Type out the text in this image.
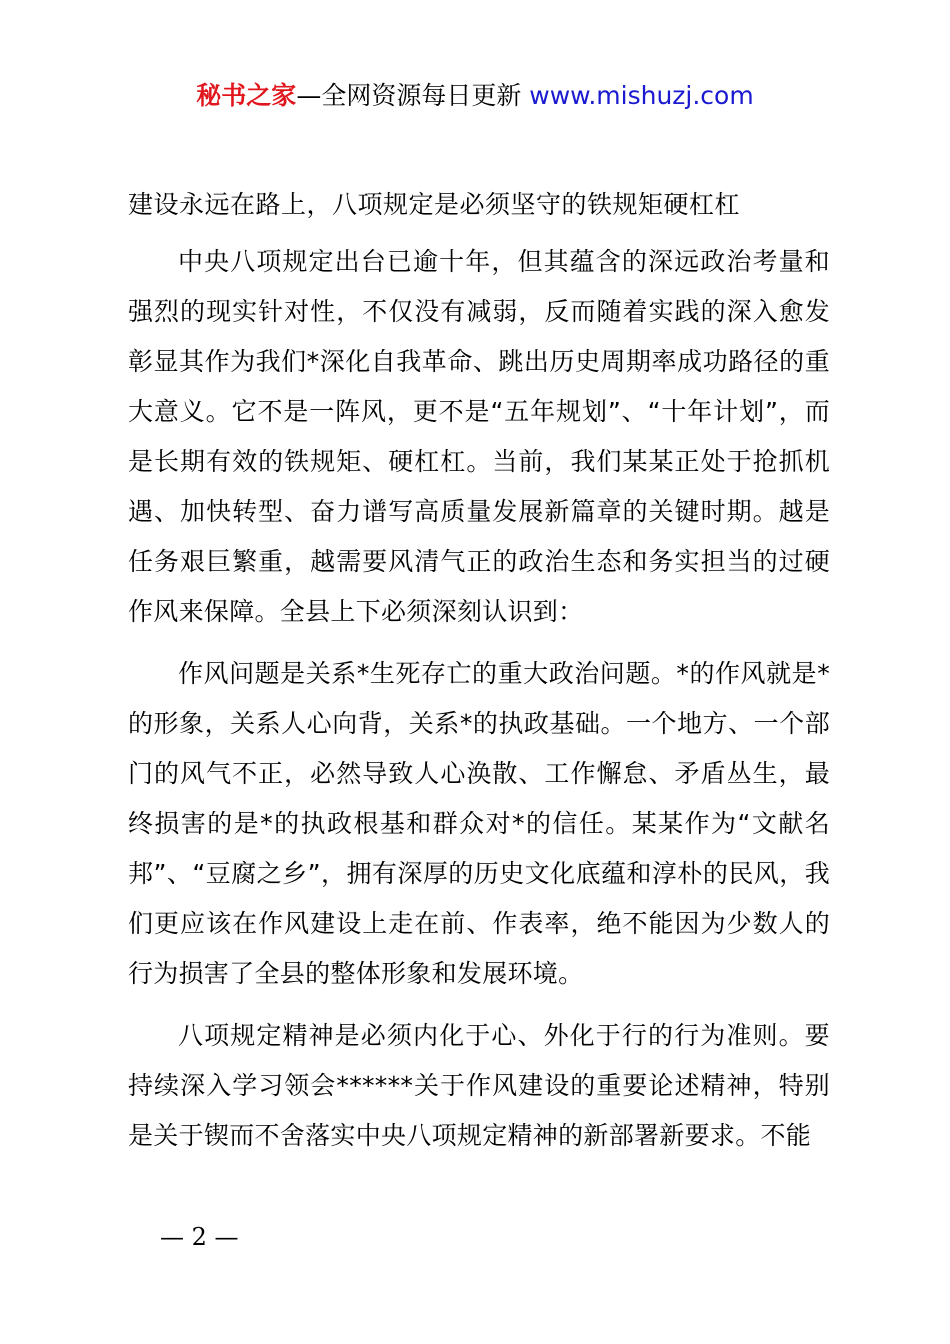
秘书之家—全网资源每日更新 www.mishuzj.com
建设永远在路上，八项规定是必须坚守的铁规矩硬杠杠

中央八项规定出台已逾十年，但其蕴含的深远政治考量和强烈的现实针对性，不仅没有减弱，反而随着实践的深入愈发彰显其作为我们*深化自我革命、跳出历史周期率成功路径的重大意义。它不是一阵风，更不是“五年规划”、“十年计划”，而是长期有效的铁规矩、硬杠杠。当前，我们某某正处于抢抓机遇、加快转型、奋力谱写高质量发展新篇章的关键时期。越是任务艰巨繁重，越需要风清气正的政治生态和务实担当的过硬作风来保障。全县上下必须深刻认识到：

作风问题是关系*生死存亡的重大政治问题。*的作风就是*的形象，关系人心向背，关系*的执政基础。一个地方、一个部门的风气不正，必然导致人心涣散、工作懈怠、矛盾丛生，最终损害的是*的执政根基和群众对*的信任。某某作为“文献名邦”、“豆腐之乡”，拥有深厚的历史文化底蕴和淳朴的民风，我们更应该在作风建设上走在前、作表率，绝不能因为少数人的行为损害了全县的整体形象和发展环境。

八项规定精神是必须内化于心、外化于行的行为准则。要持续深入学习领会******关于作风建设的重要论述精神，特别是关于锲而不舍落实中央八项规定精神的新部署新要求。不能

— 2 —
